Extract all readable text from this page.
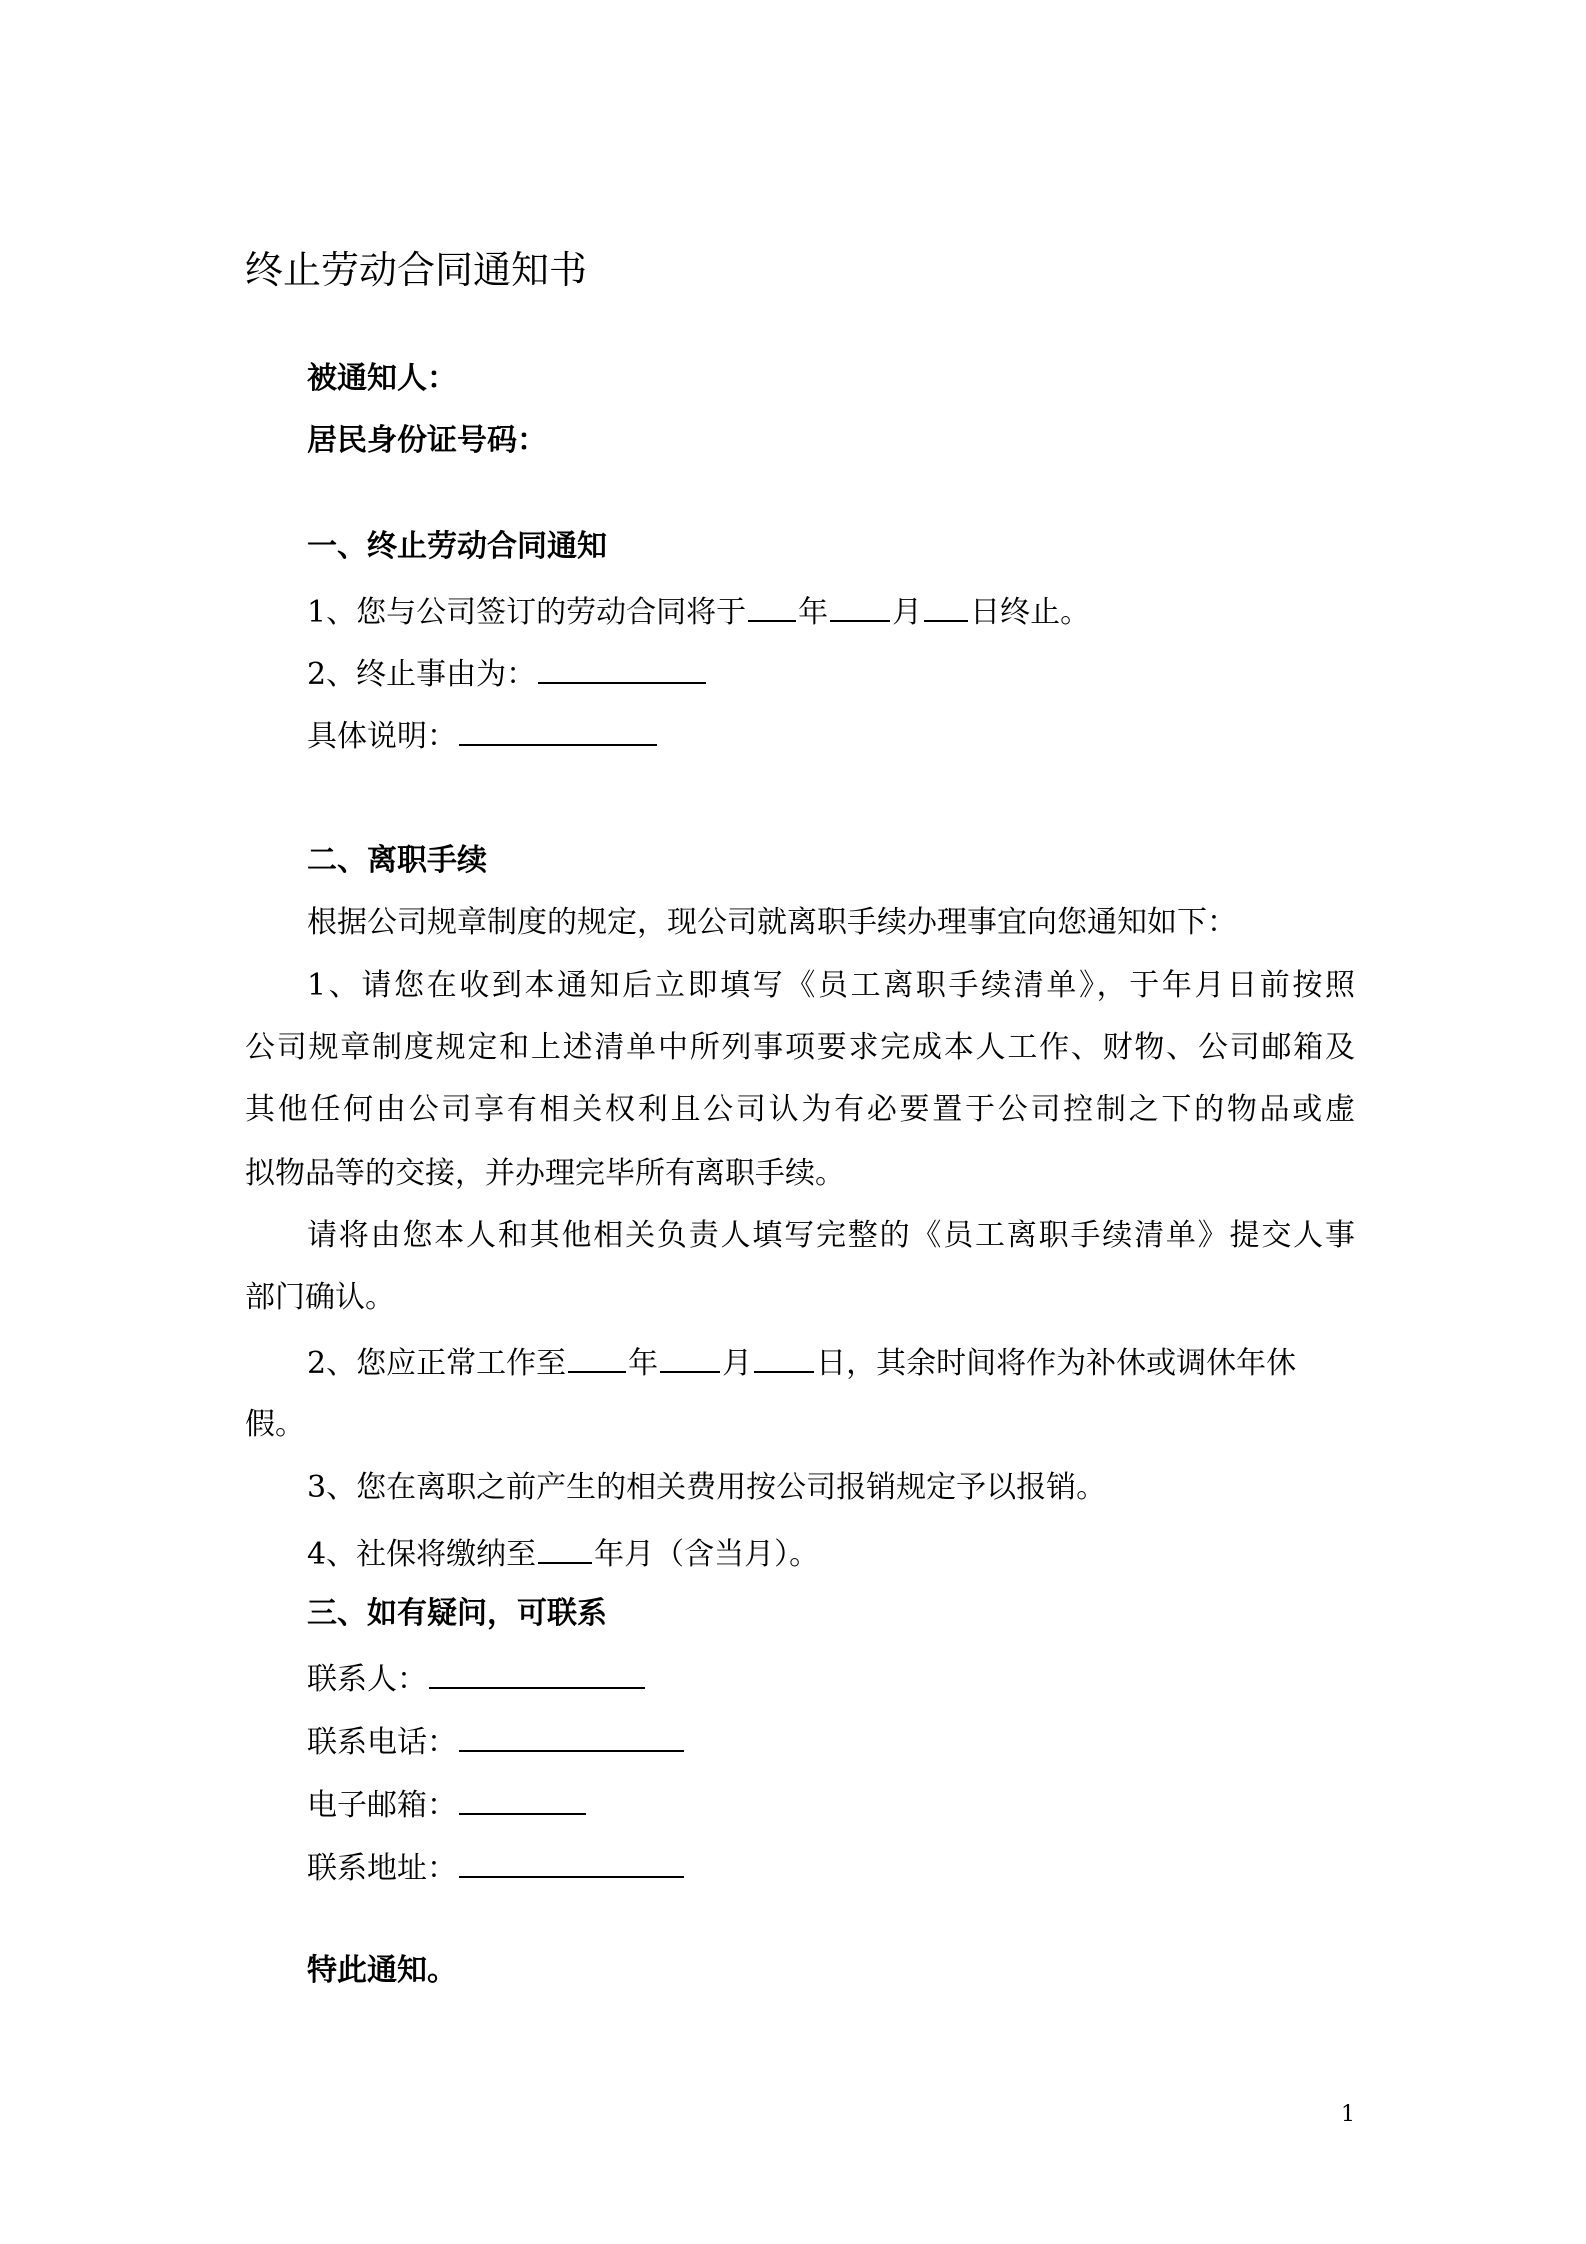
终止劳动合同通知书
被通知人：
居民身份证号码：
一、终止劳动合同通知
1、您与公司签订的劳动合同将于 年 月 日终止。
2、终止事由为：
具体说明：
二、离职手续
根据公司规章制度的规定，现公司就离职手续办理事宜向您通知如下：
1、请您在收到本通知后立即填写《员工离职手续清单》，于年月日前按照
公司规章制度规定和上述清单中所列事项要求完成本人工作、财物、公司邮箱及
其他任何由公司享有相关权利且公司认为有必要置于公司控制之下的物品或虚
拟物品等的交接，并办理完毕所有离职手续。
请将由您本人和其他相关负责人填写完整的《员工离职手续清单》提交人事
部门确认。
2、您应正常工作至 年 月 日，其余时间将作为补休或调休年休
假。
3、您在离职之前产生的相关费用按公司报销规定予以报销。
4、社保将缴纳至 年月（含当月）。
三、如有疑问，可联系
联系人：
联系电话：
电子邮箱：
联系地址：
特此通知。
1
